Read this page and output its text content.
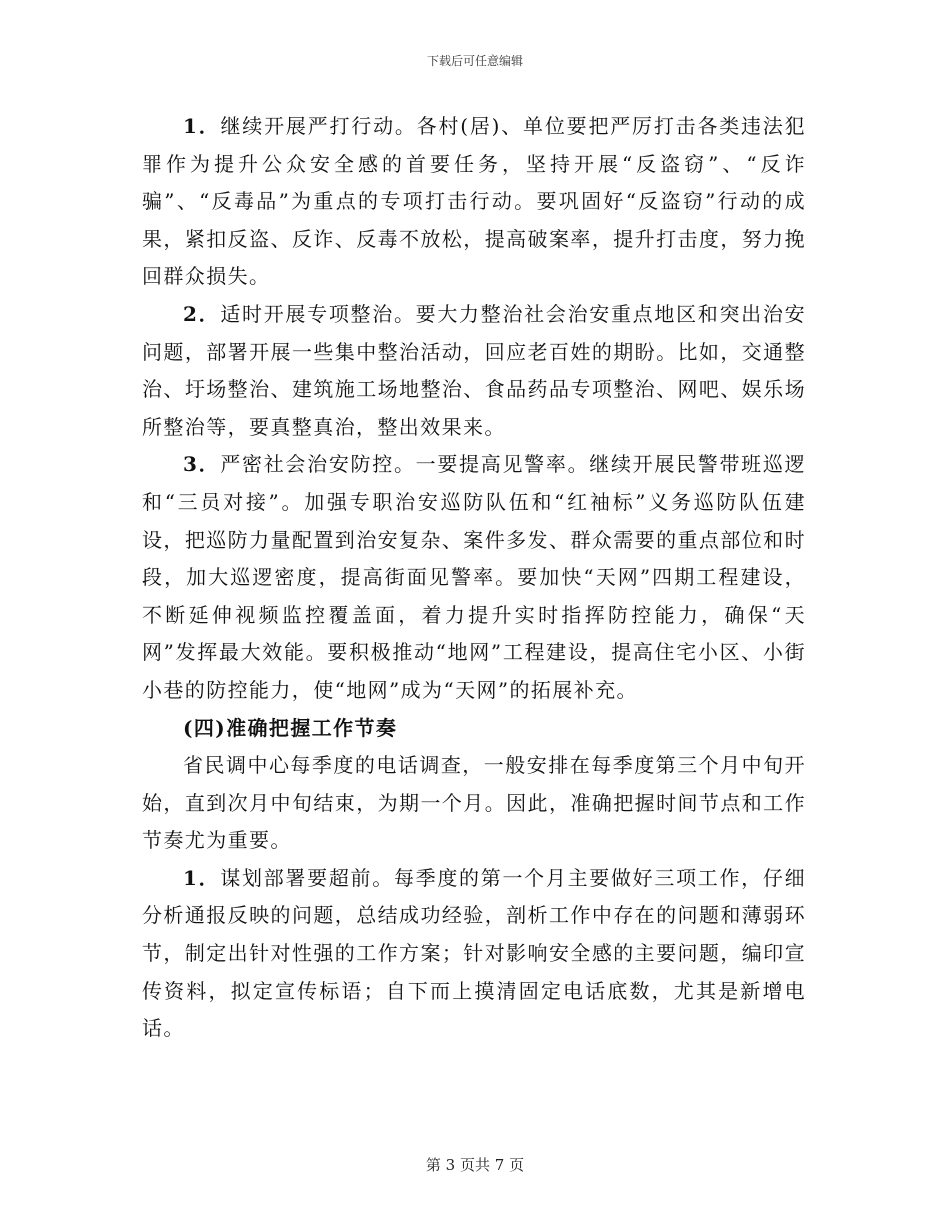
下载后可任意编辑

1．继续开展严打行动。各村(居)、单位要把严厉打击各类违法犯罪作为提升公众安全感的首要任务，坚持开展“反盗窃”、“反诈骗”、“反毒品”为重点的专项打击行动。要巩固好“反盗窃”行动的成果，紧扣反盗、反诈、反毒不放松，提高破案率，提升打击度，努力挽回群众损失。

2．适时开展专项整治。要大力整治社会治安重点地区和突出治安问题，部署开展一些集中整治活动，回应老百姓的期盼。比如，交通整治、圩场整治、建筑施工场地整治、食品药品专项整治、网吧、娱乐场所整治等，要真整真治，整出效果来。

3．严密社会治安防控。一要提高见警率。继续开展民警带班巡逻和“三员对接”。加强专职治安巡防队伍和“红袖标”义务巡防队伍建设，把巡防力量配置到治安复杂、案件多发、群众需要的重点部位和时段，加大巡逻密度，提高街面见警率。要加快“天网”四期工程建设，不断延伸视频监控覆盖面，着力提升实时指挥防控能力，确保“天网”发挥最大效能。要积极推动“地网”工程建设，提高住宅小区、小街小巷的防控能力，使“地网”成为“天网”的拓展补充。

(四)准确把握工作节奏

省民调中心每季度的电话调查，一般安排在每季度第三个月中旬开始，直到次月中旬结束，为期一个月。因此，准确把握时间节点和工作节奏尤为重要。

1．谋划部署要超前。每季度的第一个月主要做好三项工作，仔细分析通报反映的问题，总结成功经验，剖析工作中存在的问题和薄弱环节，制定出针对性强的工作方案；针对影响安全感的主要问题，编印宣传资料，拟定宣传标语；自下而上摸清固定电话底数，尤其是新增电话。

第 3 页共 7 页
